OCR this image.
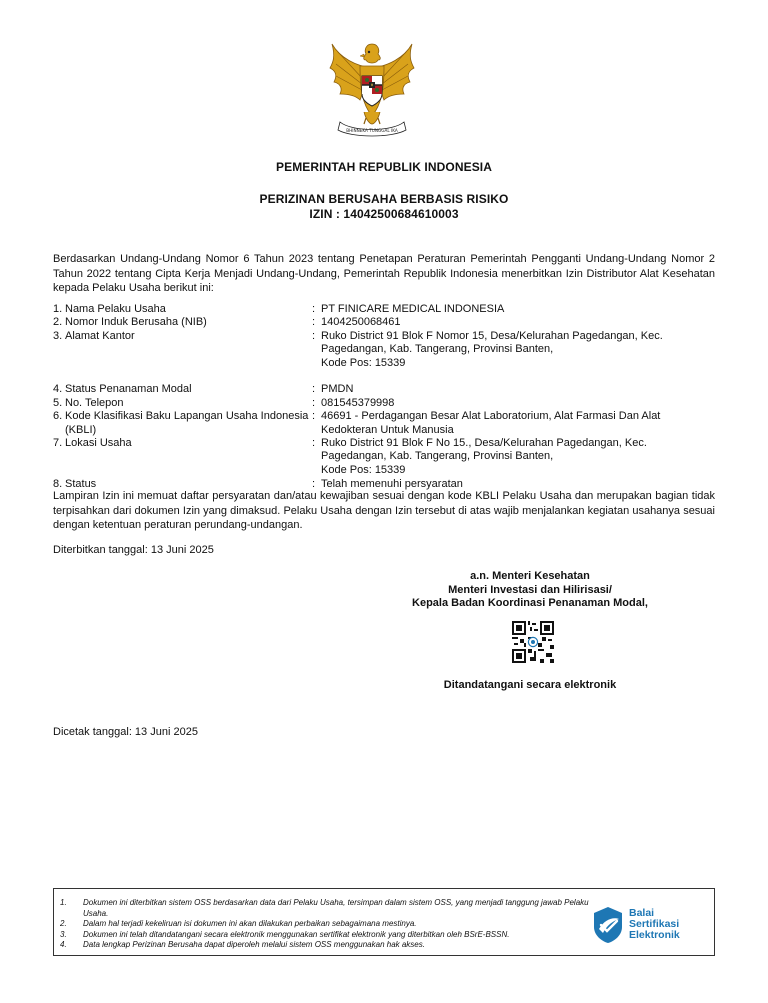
BHINNEKA TUNGGAL IKA
PEMERINTAH REPUBLIK INDONESIA
PERIZINAN BERUSAHA BERBASIS RISIKO
IZIN : 14042500684610003
Berdasarkan Undang-Undang Nomor 6 Tahun 2023 tentang Penetapan Peraturan Pemerintah Pengganti Undang-Undang Nomor 2 Tahun 2022 tentang Cipta Kerja Menjadi Undang-Undang, Pemerintah Republik Indonesia menerbitkan Izin Distributor Alat Kesehatan kepada Pelaku Usaha berikut ini:
1. Nama Pelaku Usaha	: PT FINICARE MEDICAL INDONESIA
2. Nomor Induk Berusaha (NIB)	: 1404250068461
3. Alamat Kantor	: Ruko District 91 Blok F Nomor 15, Desa/Kelurahan Pagedangan, Kec. Pagedangan, Kab. Tangerang, Provinsi Banten,
Kode Pos: 15339
4. Status Penanaman Modal	: PMDN
5. No. Telepon	: 081545379998
6. Kode Klasifikasi Baku Lapangan Usaha Indonesia (KBLI)
: 46691 - Perdagangan Besar Alat Laboratorium, Alat Farmasi Dan Alat Kedokteran Untuk Manusia
7. Lokasi Usaha	: Ruko District 91 Blok F No 15., Desa/Kelurahan Pagedangan, Kec. Pagedangan, Kab. Tangerang, Provinsi Banten,
Kode Pos: 15339
8. Status	: Telah memenuhi persyaratan
Lampiran Izin ini memuat daftar persyaratan dan/atau kewajiban sesuai dengan kode KBLI Pelaku Usaha dan merupakan bagian tidak terpisahkan dari dokumen Izin yang dimaksud. Pelaku Usaha dengan Izin tersebut di atas wajib menjalankan kegiatan usahanya sesuai dengan ketentuan peraturan perundang-undangan.
Diterbitkan tanggal: 13 Juni 2025
a.n. Menteri Kesehatan
Menteri Investasi dan Hilirisasi/
Kepala Badan Koordinasi Penanaman Modal,
Ditandatangani secara elektronik
Dicetak tanggal: 13 Juni 2025
1.	Dokumen ini diterbitkan sistem OSS berdasarkan data dari Pelaku Usaha, tersimpan dalam sistem OSS, yang menjadi tanggung jawab Pelaku Usaha.
2.	Dalam hal terjadi kekeliruan isi dokumen ini akan dilakukan perbaikan sebagaimana mestinya.
3.	Dokumen ini telah ditandatangani secara elektronik menggunakan sertifikat elektronik yang diterbitkan oleh BSrE-BSSN.
4.	Data lengkap Perizinan Berusaha dapat diperoleh melalui sistem OSS menggunakan hak akses.
Balai
Sertifikasi
Elektronik
